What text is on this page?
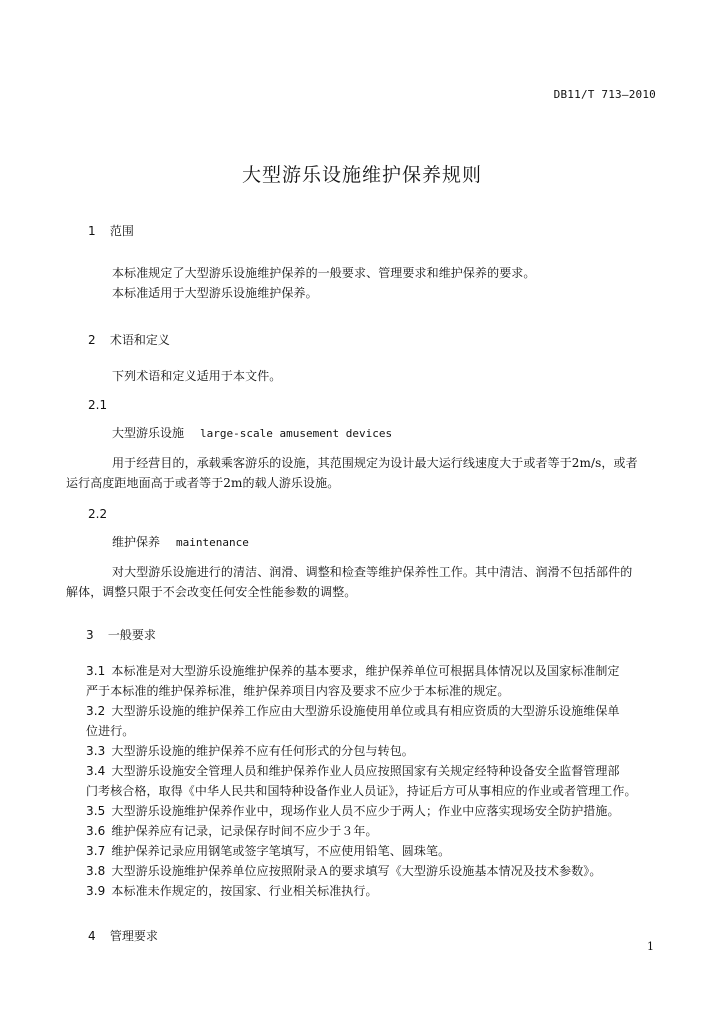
DB11/T 713—2010
大型游乐设施维护保养规则

1 范围

本标准规定了大型游乐设施维护保养的一般要求、管理要求和维护保养的要求。

本标准适用于大型游乐设施维护保养。

2 术语和定义

下列术语和定义适用于本文件。

2.1

大型游乐设施 large-scale amusement devices

用于经营目的，承载乘客游乐的设施，其范围规定为设计最大运行线速度大于或者等于2m/s，或者

运行高度距地面高于或者等于2m的载人游乐设施。

2.2

维护保养 maintenance

对大型游乐设施进行的清洁、润滑、调整和检查等维护保养性工作。其中清洁、润滑不包括部件的

解体，调整只限于不会改变任何安全性能参数的调整。

3 一般要求

3.1 本标准是对大型游乐设施维护保养的基本要求，维护保养单位可根据具体情况以及国家标准制定

严于本标准的维护保养标准，维护保养项目内容及要求不应少于本标准的规定。

3.2 大型游乐设施的维护保养工作应由大型游乐设施使用单位或具有相应资质的大型游乐设施维保单

位进行。

3.3 大型游乐设施的维护保养不应有任何形式的分包与转包。

3.4 大型游乐设施安全管理人员和维护保养作业人员应按照国家有关规定经特种设备安全监督管理部

门考核合格，取得《中华人民共和国特种设备作业人员证》，持证后方可从事相应的作业或者管理工作。

3.5 大型游乐设施维护保养作业中，现场作业人员不应少于两人；作业中应落实现场安全防护措施。

3.6 维护保养应有记录，记录保存时间不应少于３年。

3.7 维护保养记录应用钢笔或签字笔填写，不应使用铅笔、圆珠笔。

3.8 大型游乐设施维护保养单位应按照附录Ａ的要求填写《大型游乐设施基本情况及技术参数》。

3.9 本标准未作规定的，按国家、行业相关标准执行。

4 管理要求

1
